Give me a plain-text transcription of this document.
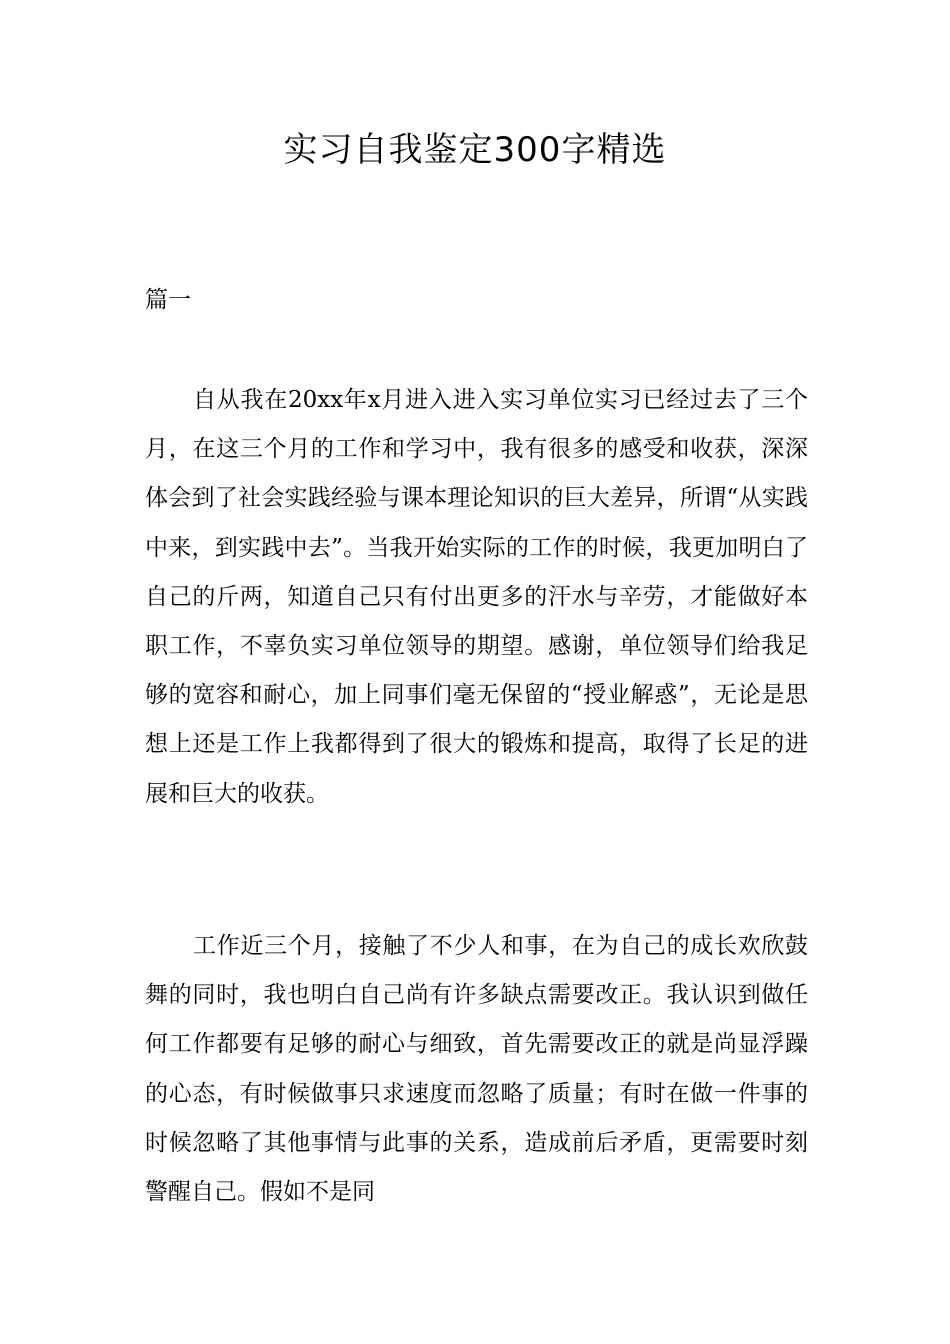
实习自我鉴定300字精选
篇一

自从我在20xx年x月进入进入实习单位实习已经过去了三个月，在这三个月的工作和学习中，我有很多的感受和收获，深深体会到了社会实践经验与课本理论知识的巨大差异，所谓“从实践中来，到实践中去”。当我开始实际的工作的时候，我更加明白了自己的斤两，知道自己只有付出更多的汗水与辛劳，才能做好本职工作，不辜负实习单位领导的期望。感谢，单位领导们给我足够的宽容和耐心，加上同事们毫无保留的“授业解惑”，无论是思想上还是工作上我都得到了很大的锻炼和提高，取得了长足的进展和巨大的收获。

工作近三个月，接触了不少人和事，在为自己的成长欢欣鼓舞的同时，我也明白自己尚有许多缺点需要改正。我认识到做任何工作都要有足够的耐心与细致，首先需要改正的就是尚显浮躁的心态，有时候做事只求速度而忽略了质量；有时在做一件事的时候忽略了其他事情与此事的关系，造成前后矛盾，更需要时刻警醒自己。假如不是同
